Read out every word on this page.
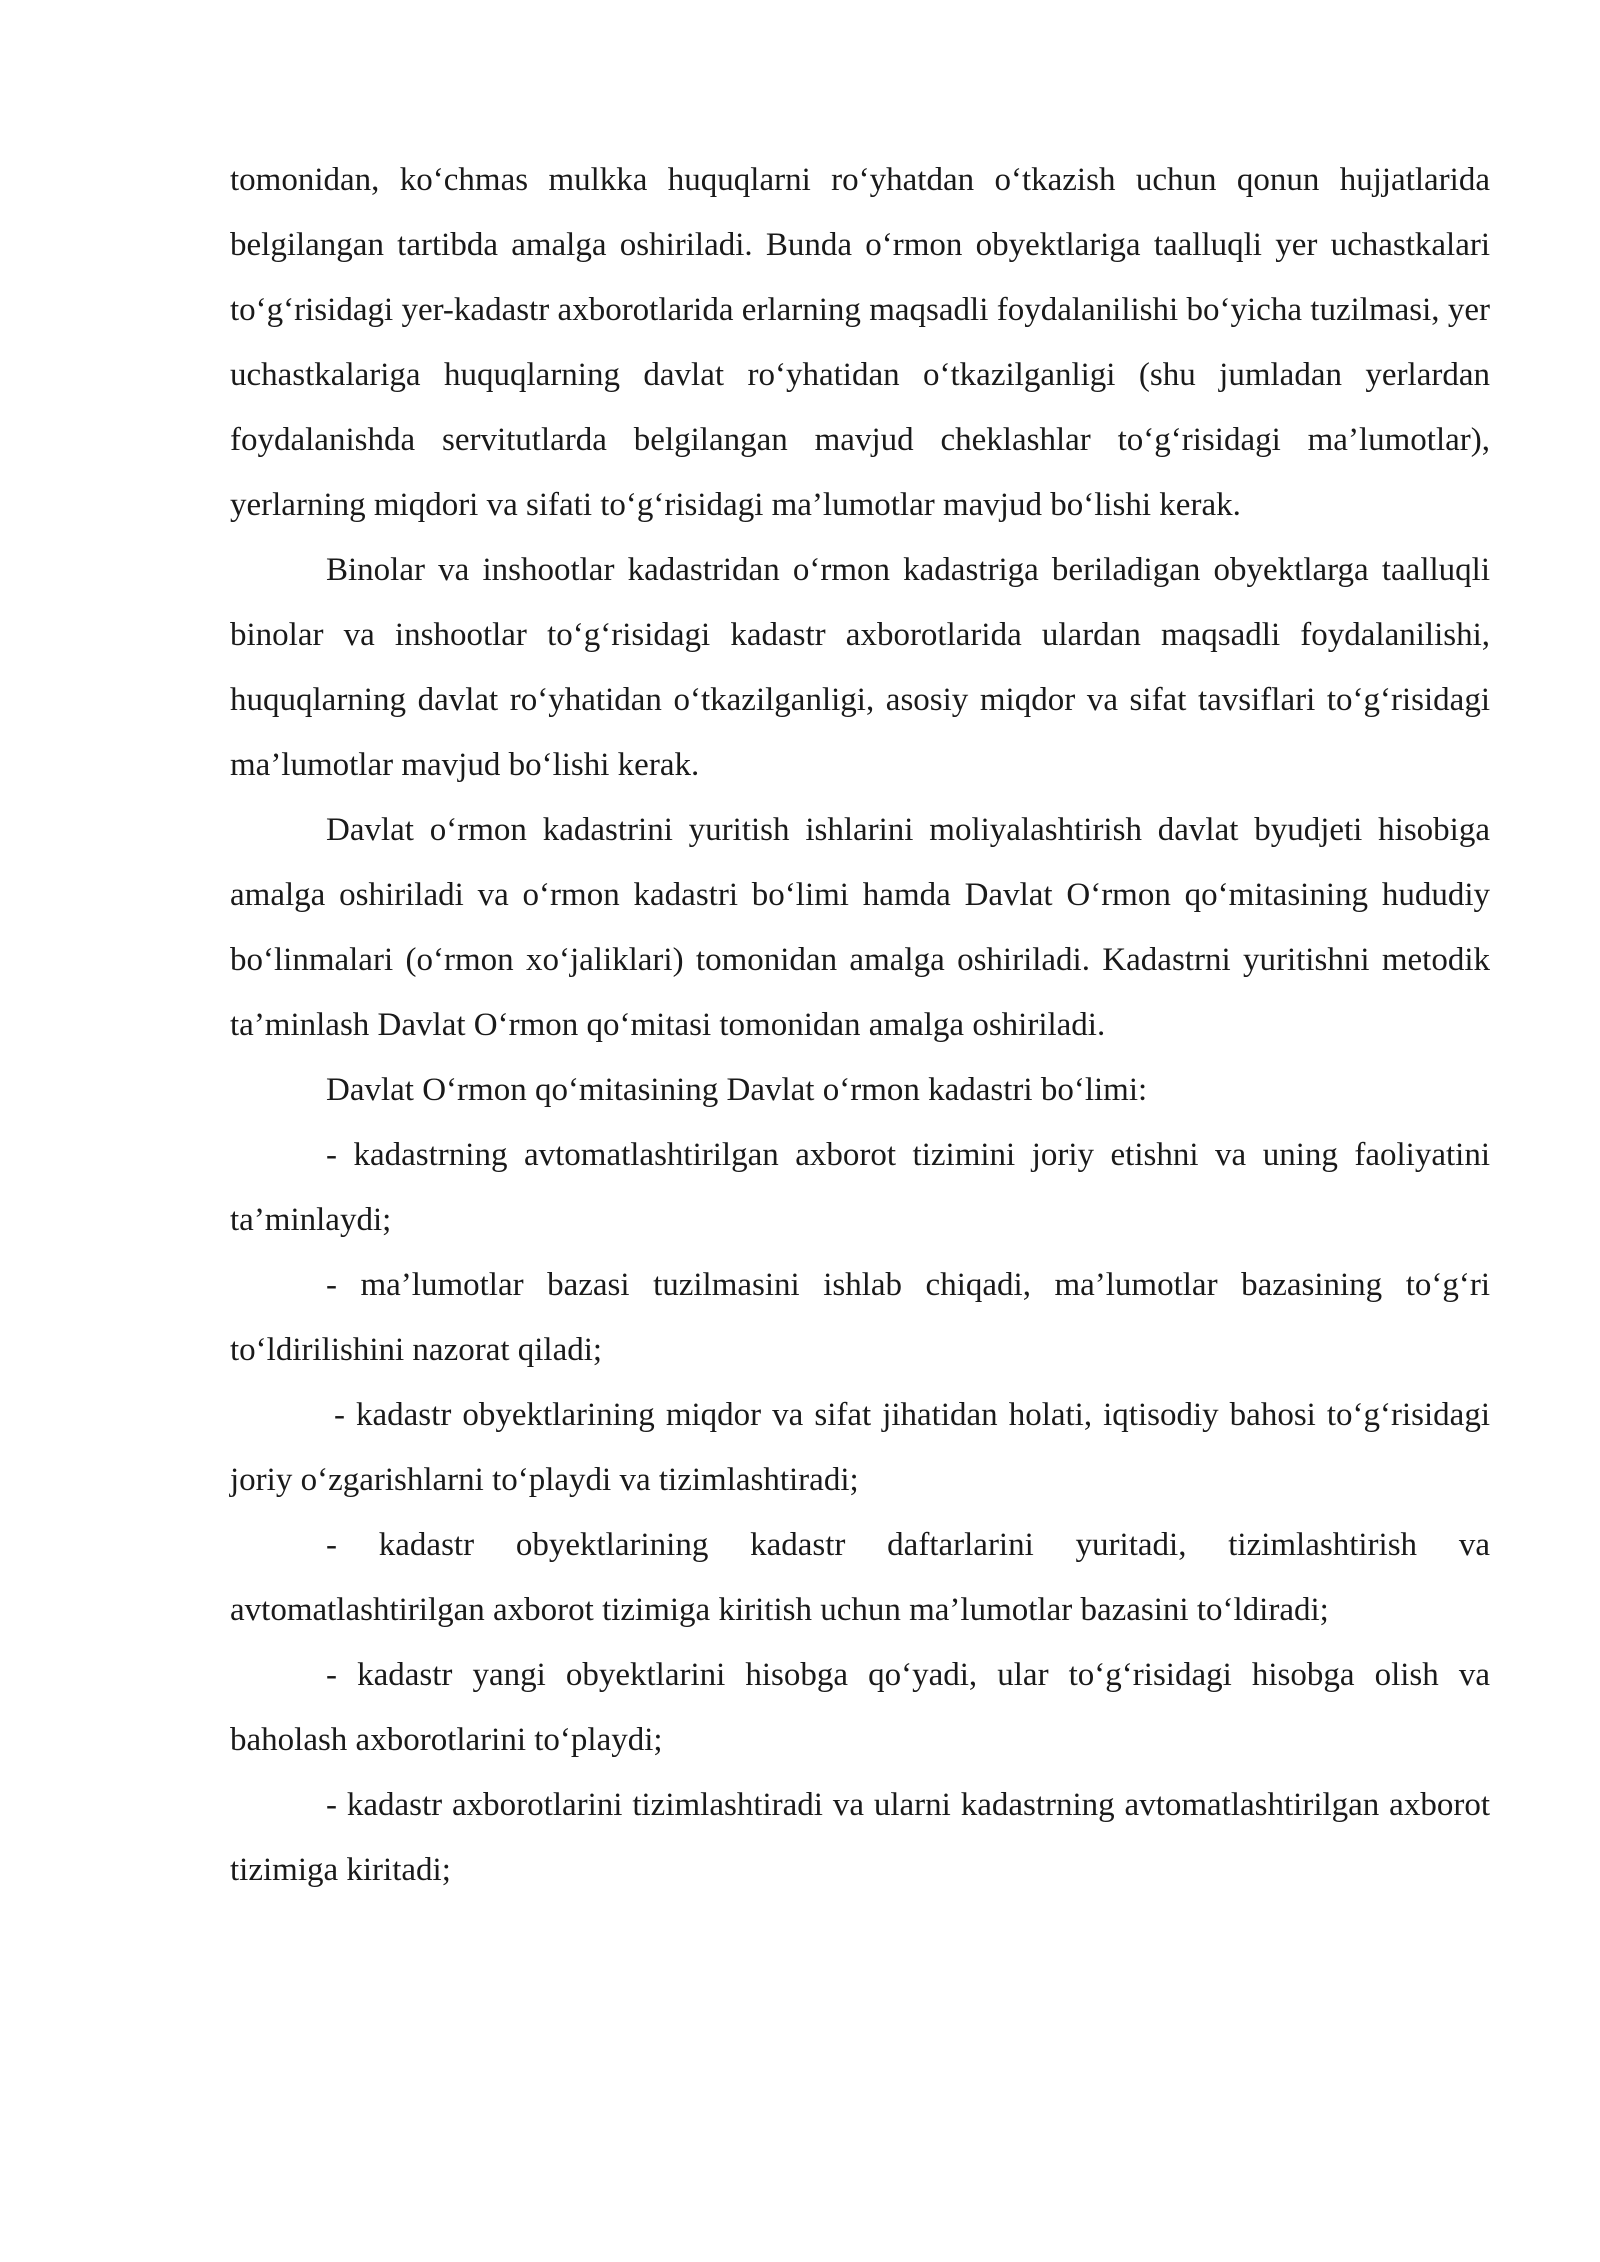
tomonidan, ko‘chmas mulkka huquqlarni ro‘yhatdan o‘tkazish uchun qonun hujjatlarida belgilangan tartibda amalga oshiriladi. Bunda o‘rmon obyektlariga taalluqli yer uchastkalari to‘g‘risidagi yer-kadastr axborotlarida erlarning maqsadli foydalanilishi bo‘yicha tuzilmasi, yer uchastkalariga huquqlarning davlat ro‘yhatidan o‘tkazilganligi (shu jumladan yerlardan foydalanishda servitutlarda belgilangan mavjud cheklashlar to‘g‘risidagi ma’lumotlar), yerlarning miqdori va sifati to‘g‘risidagi ma’lumotlar mavjud bo‘lishi kerak.

Binolar va inshootlar kadastridan o‘rmon kadastriga beriladigan obyektlarga taalluqli binolar va inshootlar to‘g‘risidagi kadastr axborotlarida ulardan maqsadli foydalanilishi, huquqlarning davlat ro‘yhatidan o‘tkazilganligi, asosiy miqdor va sifat tavsiflari to‘g‘risidagi ma’lumotlar mavjud bo‘lishi kerak.

Davlat o‘rmon kadastrini yuritish ishlarini moliyalashtirish davlat byudjeti hisobiga amalga oshiriladi va o‘rmon kadastri bo‘limi hamda Davlat O‘rmon qo‘mitasining hududiy bo‘linmalari (o‘rmon xo‘jaliklari) tomonidan amalga oshiriladi. Kadastrni yuritishni metodik ta’minlash Davlat O‘rmon qo‘mitasi tomonidan amalga oshiriladi.

Davlat O‘rmon qo‘mitasining Davlat o‘rmon kadastri bo‘limi:

- kadastrning avtomatlashtirilgan axborot tizimini joriy etishni va uning faoliyatini ta’minlaydi;

- ma’lumotlar bazasi tuzilmasini ishlab chiqadi, ma’lumotlar bazasining to‘g‘ri to‘ldirilishini nazorat qiladi;

- kadastr obyektlarining miqdor va sifat jihatidan holati, iqtisodiy bahosi to‘g‘risidagi joriy o‘zgarishlarni to‘playdi va tizimlashtiradi;

- kadastr obyektlarining kadastr daftarlarini yuritadi, tizimlashtirish va avtomatlashtirilgan axborot tizimiga kiritish uchun ma’lumotlar bazasini to‘ldiradi;

- kadastr yangi obyektlarini hisobga qo‘yadi, ular to‘g‘risidagi hisobga olish va baholash axborotlarini to‘playdi;

- kadastr axborotlarini tizimlashtiradi va ularni kadastrning avtomatlashtirilgan axborot tizimiga kiritadi;
